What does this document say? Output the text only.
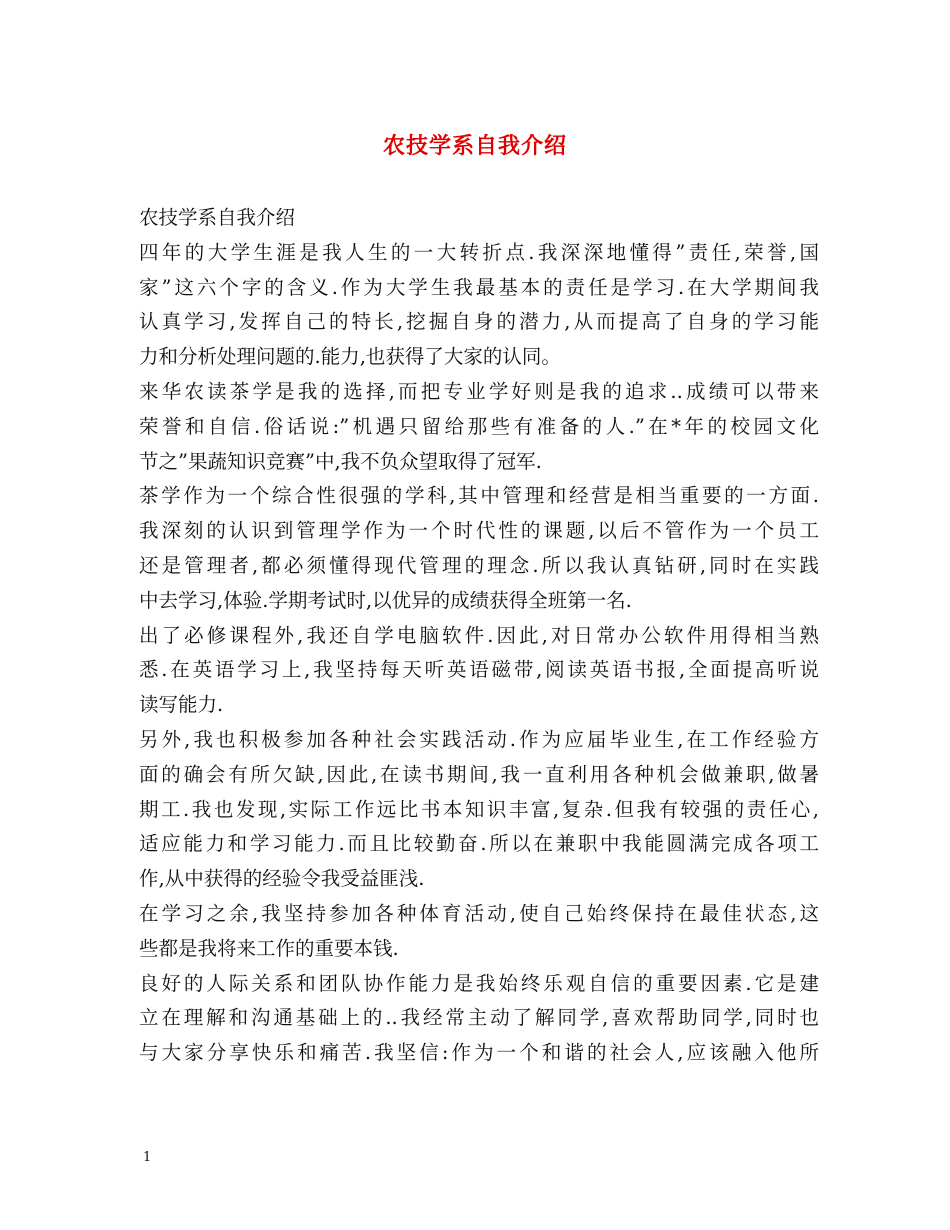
农技学系自我介绍
农技学系自我介绍
四年的大学生涯是我人生的一大转折点.我深深地懂得”责任,荣誉,国
家”这六个字的含义.作为大学生我最基本的责任是学习.在大学期间我
认真学习,发挥自己的特长,挖掘自身的潜力,从而提高了自身的学习能
力和分析处理问题的.能力,也获得了大家的认同。
来华农读茶学是我的选择,而把专业学好则是我的追求..成绩可以带来
荣誉和自信.俗话说:”机遇只留给那些有准备的人.”在*年的校园文化
节之”果蔬知识竞赛”中,我不负众望取得了冠军.
茶学作为一个综合性很强的学科,其中管理和经营是相当重要的一方面.
我深刻的认识到管理学作为一个时代性的课题,以后不管作为一个员工
还是管理者,都必须懂得现代管理的理念.所以我认真钻研,同时在实践
中去学习,体验.学期考试时,以优异的成绩获得全班第一名.
出了必修课程外,我还自学电脑软件.因此,对日常办公软件用得相当熟
悉.在英语学习上,我坚持每天听英语磁带,阅读英语书报,全面提高听说
读写能力.
另外,我也积极参加各种社会实践活动.作为应届毕业生,在工作经验方
面的确会有所欠缺,因此,在读书期间,我一直利用各种机会做兼职,做暑
期工.我也发现,实际工作远比书本知识丰富,复杂.但我有较强的责任心,
适应能力和学习能力.而且比较勤奋.所以在兼职中我能圆满完成各项工
作,从中获得的经验令我受益匪浅.
在学习之余,我坚持参加各种体育活动,使自己始终保持在最佳状态,这
些都是我将来工作的重要本钱.
良好的人际关系和团队协作能力是我始终乐观自信的重要因素.它是建
立在理解和沟通基础上的..我经常主动了解同学,喜欢帮助同学,同时也
与大家分享快乐和痛苦.我坚信:作为一个和谐的社会人,应该融入他所
1
